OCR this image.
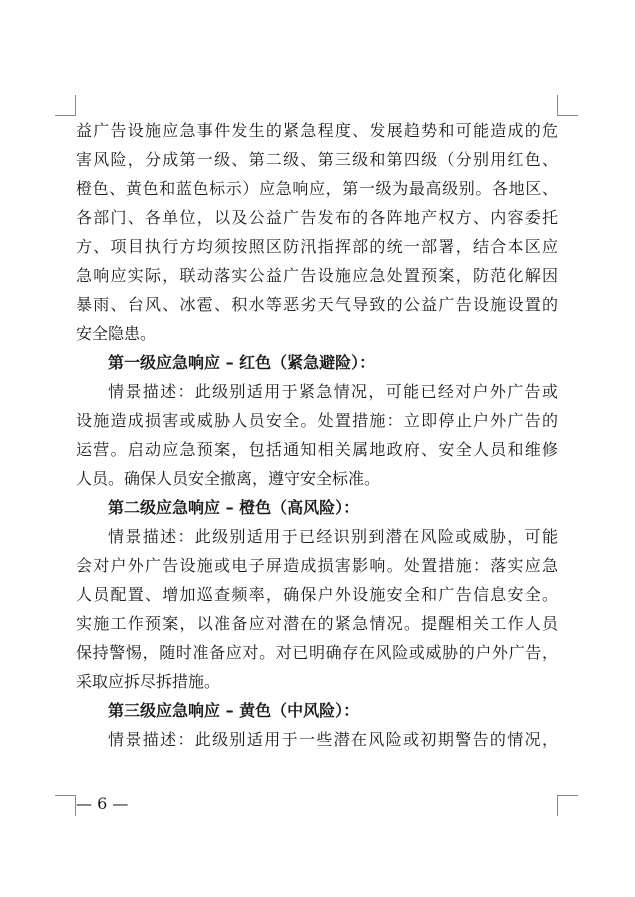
益广告设施应急事件发生的紧急程度、发展趋势和可能造成的危
害风险，分成第一级、第二级、第三级和第四级（分别用红色、
橙色、黄色和蓝色标示）应急响应，第一级为最高级别。各地区、
各部门、各单位，以及公益广告发布的各阵地产权方、内容委托
方、项目执行方均须按照区防汛指挥部的统一部署，结合本区应
急响应实际，联动落实公益广告设施应急处置预案，防范化解因
暴雨、台风、冰雹、积水等恶劣天气导致的公益广告设施设置的
安全隐患。
第一级应急响应 – 红色（紧急避险）：
情景描述：此级别适用于紧急情况，可能已经对户外广告或
设施造成损害或威胁人员安全。处置措施：立即停止户外广告的
运营。启动应急预案，包括通知相关属地政府、安全人员和维修
人员。确保人员安全撤离，遵守安全标准。
第二级应急响应 – 橙色（高风险）：
情景描述：此级别适用于已经识别到潜在风险或威胁，可能
会对户外广告设施或电子屏造成损害影响。处置措施：落实应急
人员配置、增加巡查频率，确保户外设施安全和广告信息安全。
实施工作预案，以准备应对潜在的紧急情况。提醒相关工作人员
保持警惕，随时准备应对。对已明确存在风险或威胁的户外广告，
采取应拆尽拆措施。
第三级应急响应 – 黄色（中风险）：
情景描述：此级别适用于一些潜在风险或初期警告的情况，
— 6 —
